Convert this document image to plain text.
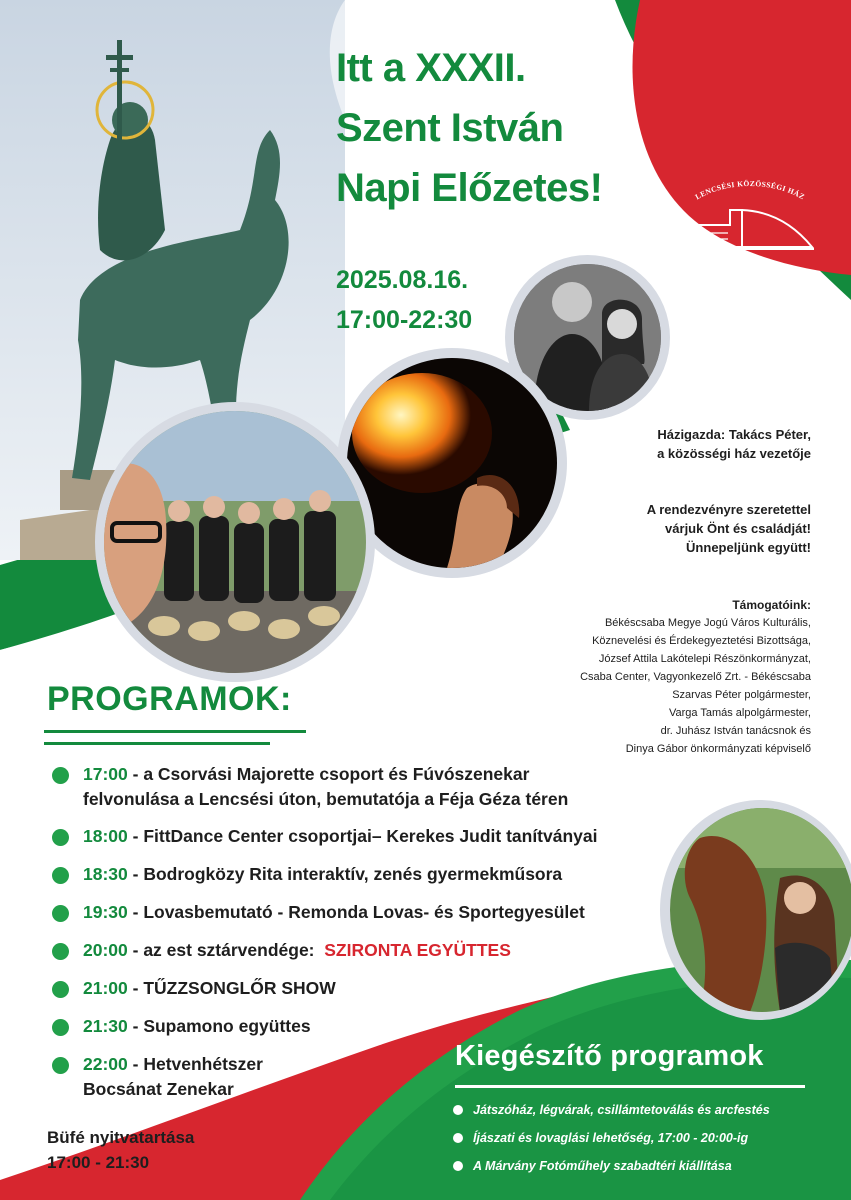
Itt a XXXII.
Szent István
Napi Előzetes!
2025.08.16.
17:00-22:30
LENCSÉSI KÖZÖSSÉGI HÁZ
Házigazda: Takács Péter,
a közösségi ház vezetője
A rendezvényre szeretettel
várjuk Önt és családját!
Ünnepeljünk együtt!
Támogatóink:
Békéscsaba Megye Jogú Város Kulturális,
Köznevelési és Érdekegyeztetési Bizottsága,
József Attila Lakótelepi Részönkormányzat,
Csaba Center, Vagyonkezelő Zrt. - Békéscsaba
Szarvas Péter polgármester,
Varga Tamás alpolgármester,
dr. Juhász István tanácsnok és
Dinya Gábor önkormányzati képviselő
PROGRAMOK:
17:00 - a Csorvási Majorette csoport és Fúvószenekar
felvonulása a Lencsési úton, bemutatója a Féja Géza téren
18:00 - FittDance Center csoportjai– Kerekes Judit tanítványai
18:30 - Bodrogközy Rita interaktív, zenés gyermekműsora
19:30 - Lovasbemutató - Remonda Lovas- és Sportegyesület
20:00 - az est sztárvendége:  SZIRONTA EGYÜTTES
21:00 - TŰZZSONGLŐR SHOW
21:30 - Supamono együttes
22:00 - Hetvenhétszer
Bocsánat Zenekar
Büfé nyitvatartása
17:00 - 21:30
Kiegészítő programok
Játszóház, légvárak, csillámtetoválás és arcfestés
Íjászati és lovaglási lehetőség, 17:00 - 20:00-ig
A Márvány Fotóműhely szabadtéri kiállítása
